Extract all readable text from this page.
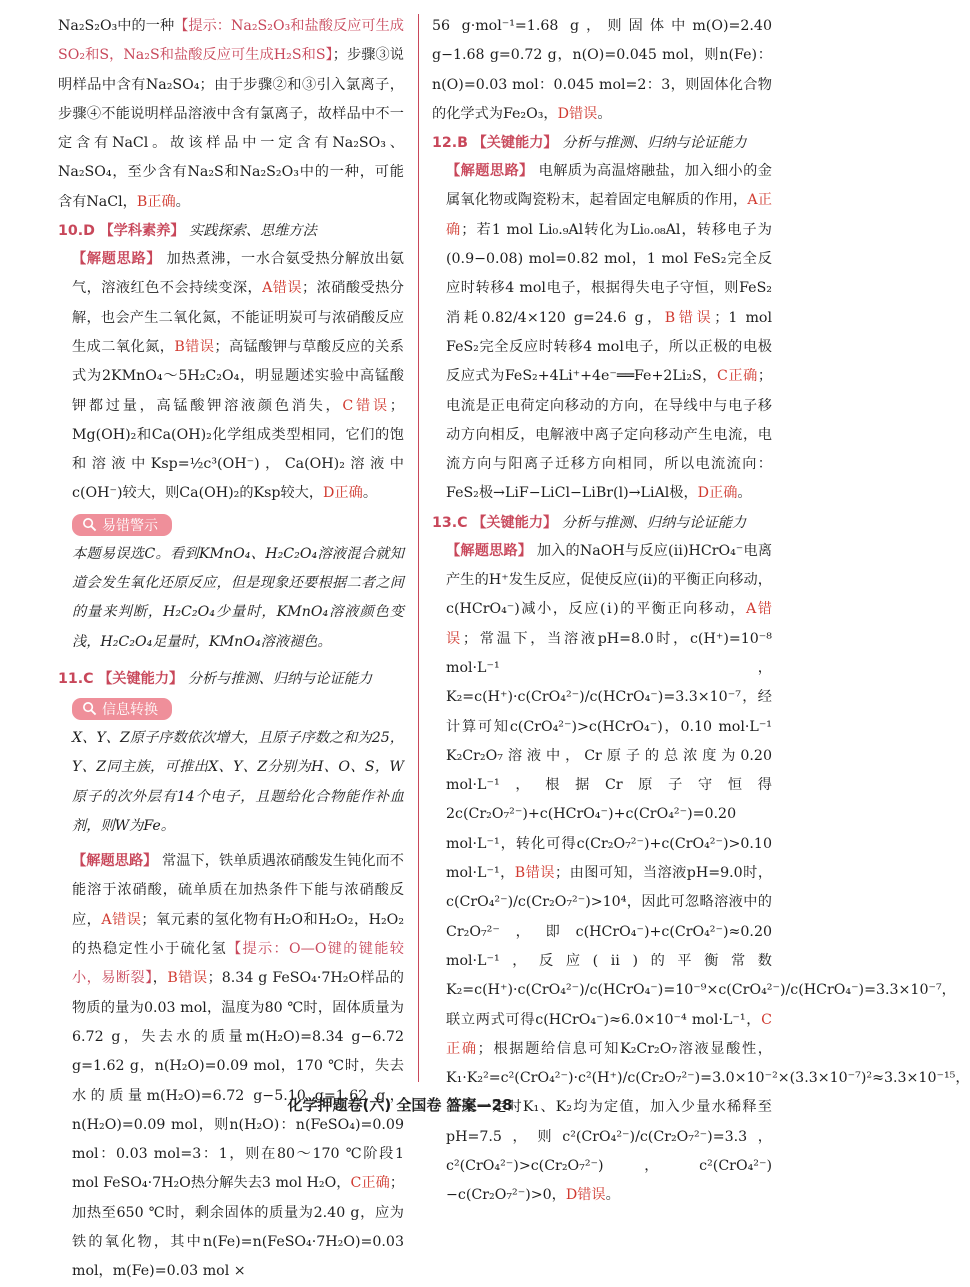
Na₂S₂O₃中的一种【提示：Na₂S₂O₃和盐酸反应可生成SO₂和S，Na₂S和盐酸反应可生成H₂S和S】；步骤③说明样品中含有Na₂SO₄；由于步骤②和③引入氯离子，步骤④不能说明样品溶液中含有氯离子，故样品中不一定含有NaCl。故该样品中一定含有Na₂SO₃、Na₂SO₄，至少含有Na₂S和Na₂S₂O₃中的一种，可能含有NaCl，B正确。

10.D 【学科素养】 实践探索、思维方法

【解题思路】 加热煮沸，一水合氨受热分解放出氨气，溶液红色不会持续变深，A错误；浓硝酸受热分解，也会产生二氧化氮，不能证明炭可与浓硝酸反应生成二氧化氮，B错误；高锰酸钾与草酸反应的关系式为2KMnO₄～5H₂C₂O₄，明显题述实验中高锰酸钾都过量，高锰酸钾溶液颜色消失，C错误；Mg(OH)₂和Ca(OH)₂化学组成类型相同，它们的饱和溶液中Ksp=½c³(OH⁻)，Ca(OH)₂溶液中c(OH⁻)较大，则Ca(OH)₂的Ksp较大，D正确。

易错警示

本题易误选C。看到KMnO₄、H₂C₂O₄溶液混合就知道会发生氧化还原反应，但是现象还要根据二者之间的量来判断，H₂C₂O₄少量时，KMnO₄溶液颜色变浅，H₂C₂O₄足量时，KMnO₄溶液褪色。

11.C 【关键能力】 分析与推测、归纳与论证能力

信息转换

X、Y、Z原子序数依次增大，且原子序数之和为25，Y、Z同主族，可推出X、Y、Z分别为H、O、S，W原子的次外层有14个电子，且题给化合物能作补血剂，则W为Fe。

【解题思路】 常温下，铁单质遇浓硝酸发生钝化而不能溶于浓硝酸，硫单质在加热条件下能与浓硝酸反应，A错误；氧元素的氢化物有H₂O和H₂O₂，H₂O₂的热稳定性小于硫化氢【提示：O—O键的键能较小，易断裂】，B错误；8.34 g FeSO₄·7H₂O样品的物质的量为0.03 mol，温度为80 ℃时，固体质量为6.72 g，失去水的质量m(H₂O)=8.34 g−6.72 g=1.62 g，n(H₂O)=0.09 mol，170 ℃时，失去水的质量m(H₂O)=6.72 g−5.10 g=1.62 g，n(H₂O)=0.09 mol，则n(H₂O)：n(FeSO₄)=0.09 mol：0.03 mol=3：1，则在80～170 ℃阶段1 mol FeSO₄·7H₂O热分解失去3 mol H₂O，C正确；加热至650 ℃时，剩余固体的质量为2.40 g，应为铁的氧化物，其中n(Fe)=n(FeSO₄·7H₂O)=0.03 mol，m(Fe)=0.03 mol ×

56 g·mol⁻¹=1.68 g，则固体中m(O)=2.40 g−1.68 g=0.72 g，n(O)=0.045 mol，则n(Fe)：n(O)=0.03 mol：0.045 mol=2：3，则固体化合物的化学式为Fe₂O₃，D错误。

12.B 【关键能力】 分析与推测、归纳与论证能力

【解题思路】 电解质为高温熔融盐，加入细小的金属氧化物或陶瓷粉末，起着固定电解质的作用，A正确；若1 mol Li₀.₉Al转化为Li₀.₀₈Al，转移电子为(0.9−0.08) mol=0.82 mol，1 mol FeS₂完全反应时转移4 mol电子，根据得失电子守恒，则FeS₂消耗0.82/4×120 g=24.6 g，B错误；1 mol FeS₂完全反应时转移4 mol电子，所以正极的电极反应式为FeS₂+4Li⁺+4e⁻══Fe+2Li₂S，C正确；电流是正电荷定向移动的方向，在导线中与电子移动方向相反，电解液中离子定向移动产生电流，电流方向与阳离子迁移方向相同，所以电流流向：FeS₂极→LiF−LiCl−LiBr(l)→LiAl极，D正确。

13.C 【关键能力】 分析与推测、归纳与论证能力

【解题思路】 加入的NaOH与反应(ⅱ)HCrO₄⁻电离产生的H⁺发生反应，促使反应(ⅱ)的平衡正向移动，c(HCrO₄⁻)减小，反应(ⅰ)的平衡正向移动，A错误；常温下，当溶液pH=8.0时，c(H⁺)=10⁻⁸ mol·L⁻¹，K₂=c(H⁺)·c(CrO₄²⁻)/c(HCrO₄⁻)=3.3×10⁻⁷，经计算可知c(CrO₄²⁻)>c(HCrO₄⁻)，0.10 mol·L⁻¹ K₂Cr₂O₇溶液中，Cr原子的总浓度为0.20 mol·L⁻¹，根据Cr原子守恒得2c(Cr₂O₇²⁻)+c(HCrO₄⁻)+c(CrO₄²⁻)=0.20 mol·L⁻¹，转化可得c(Cr₂O₇²⁻)+c(CrO₄²⁻)>0.10 mol·L⁻¹，B错误；由图可知，当溶液pH=9.0时，c(CrO₄²⁻)/c(Cr₂O₇²⁻)>10⁴，因此可忽略溶液中的Cr₂O₇²⁻，即c(HCrO₄⁻)+c(CrO₄²⁻)≈0.20 mol·L⁻¹，反应(ⅱ)的平衡常数K₂=c(H⁺)·c(CrO₄²⁻)/c(HCrO₄⁻)=10⁻⁹×c(CrO₄²⁻)/c(HCrO₄⁻)=3.3×10⁻⁷，联立两式可得c(HCrO₄⁻)≈6.0×10⁻⁴ mol·L⁻¹，C正确；根据题给信息可知K₂Cr₂O₇溶液显酸性，K₁·K₂²=c²(CrO₄²⁻)·c²(H⁺)/c(Cr₂O₇²⁻)=3.0×10⁻²×(3.3×10⁻⁷)²≈3.3×10⁻¹⁵，温度一定时K₁、K₂均为定值，加入少量水稀释至pH=7.5，则c²(CrO₄²⁻)/c(Cr₂O₇²⁻)=3.3，c²(CrO₄²⁻)>c(Cr₂O₇²⁻)，c²(CrO₄²⁻)−c(Cr₂O₇²⁻)>0，D错误。

化学押题卷(六) 全国卷 答案—28
